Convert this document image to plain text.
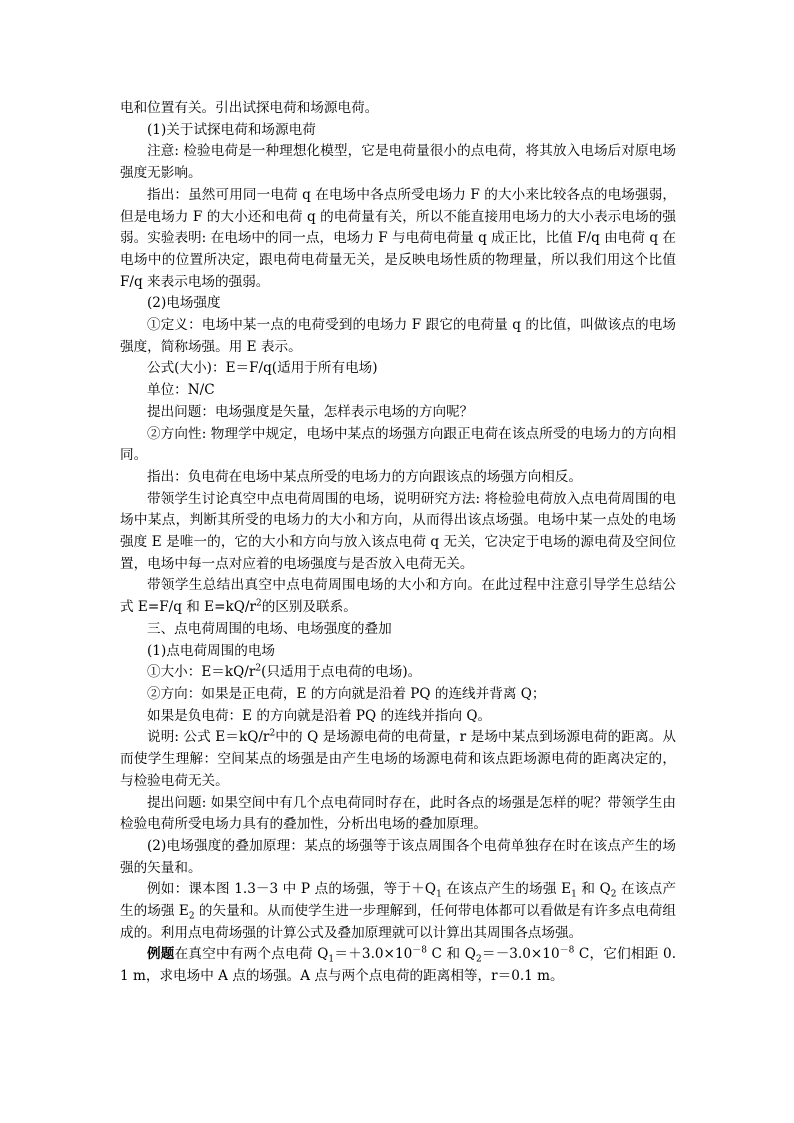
电和位置有关。引出试探电荷和场源电荷。

(1)关于试探电荷和场源电荷

注意: 检验电荷是一种理想化模型，它是电荷量很小的点电荷，将其放入电场后对原电场强度无影响。

指出：虽然可用同一电荷 q 在电场中各点所受电场力 F 的大小来比较各点的电场强弱，但是电场力 F 的大小还和电荷 q 的电荷量有关，所以不能直接用电场力的大小表示电场的强弱。实验表明: 在电场中的同一点，电场力 F 与电荷电荷量 q 成正比，比值 F/q 由电荷 q 在电场中的位置所决定，跟电荷电荷量无关，是反映电场性质的物理量，所以我们用这个比值 F/q 来表示电场的强弱。

(2)电场强度

①定义：电场中某一点的电荷受到的电场力 F 跟它的电荷量 q 的比值，叫做该点的电场强度，简称场强。用 E 表示。

公式(大小)：E＝F/q(适用于所有电场)

单位：N/C

提出问题：电场强度是矢量，怎样表示电场的方向呢？

②方向性: 物理学中规定，电场中某点的场强方向跟正电荷在该点所受的电场力的方向相同。

指出：负电荷在电场中某点所受的电场力的方向跟该点的场强方向相反。

带领学生讨论真空中点电荷周围的电场，说明研究方法: 将检验电荷放入点电荷周围的电场中某点，判断其所受的电场力的大小和方向，从而得出该点场强。电场中某一点处的电场强度 E 是唯一的，它的大小和方向与放入该点电荷 q 无关，它决定于电场的源电荷及空间位置，电场中每一点对应着的电场强度与是否放入电荷无关。

带领学生总结出真空中点电荷周围电场的大小和方向。在此过程中注意引导学生总结公式 E=F/q 和 $E=kQ/r^2$的区别及联系。

三、点电荷周围的电场、电场强度的叠加

(1)点电荷周围的电场

①大小：$E=kQ/r^2$(只适用于点电荷的电场)。

②方向：如果是正电荷，E 的方向就是沿着 PQ 的连线并背离 Q；

如果是负电荷：E 的方向就是沿着 PQ 的连线并指向 Q。

说明: 公式 $E=kQ/r^2$中的 Q 是场源电荷的电荷量，r 是场中某点到场源电荷的距离。从而使学生理解：空间某点的场强是由产生电场的场源电荷和该点距场源电荷的距离决定的，与检验电荷无关。

提出问题: 如果空间中有几个点电荷同时存在，此时各点的场强是怎样的呢？带领学生由检验电荷所受电场力具有的叠加性，分析出电场的叠加原理。

(2)电场强度的叠加原理：某点的场强等于该点周围各个电荷单独存在时在该点产生的场强的矢量和。

例如：课本图 1.3－3 中 P 点的场强，等于$+Q_1$ 在该点产生的场强 $E_1$ 和 $Q_2$ 在该点产生的场强 $E_2$ 的矢量和。从而使学生进一步理解到，任何带电体都可以看做是有许多点电荷组成的。利用点电荷场强的计算公式及叠加原理就可以计算出其周围各点场强。

例题在真空中有两个点电荷 $Q_1=+3.0\times 10^{-8}$ C 和 $Q_2=-3.0\times 10^{-8}$ C，它们相距 0.1 m，求电场中 A 点的场强。A 点与两个点电荷的距离相等，r＝0.1 m。
